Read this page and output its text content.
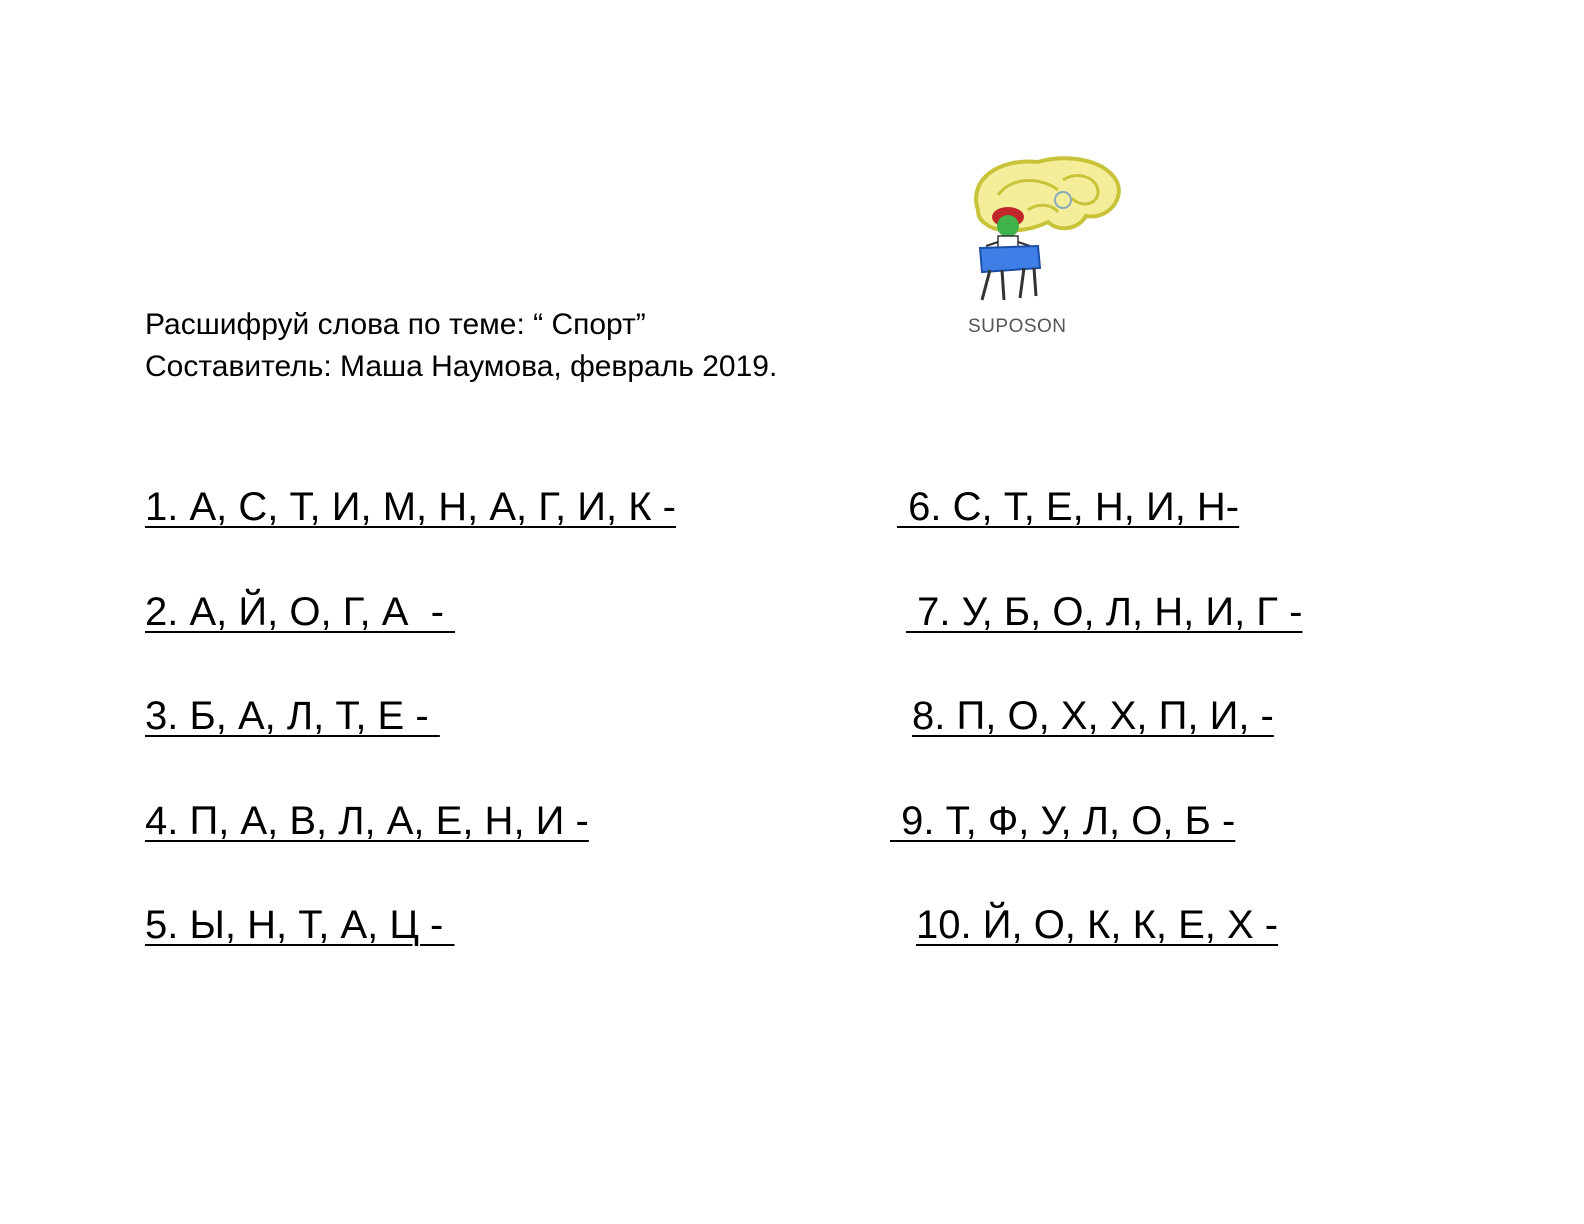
Расшифруй слова по теме: “ Спорт”
Составитель: Маша Наумова, февраль 2019.
SUPOSON
1. А, С, Т, И, М, Н, А, Г, И, К -
2. А, Й, О, Г, А  -
3. Б, А, Л, Т, Е -
4. П, А, В, Л, А, Е, Н, И -
5. Ы, Н, Т, А, Ц -
6. С, Т, Е, Н, И, Н-
7. У, Б, О, Л, Н, И, Г -
8. П, О, Х, Х, П, И, -
9. Т, Ф, У, Л, О, Б -
10. Й, О, К, К, Е, Х -
